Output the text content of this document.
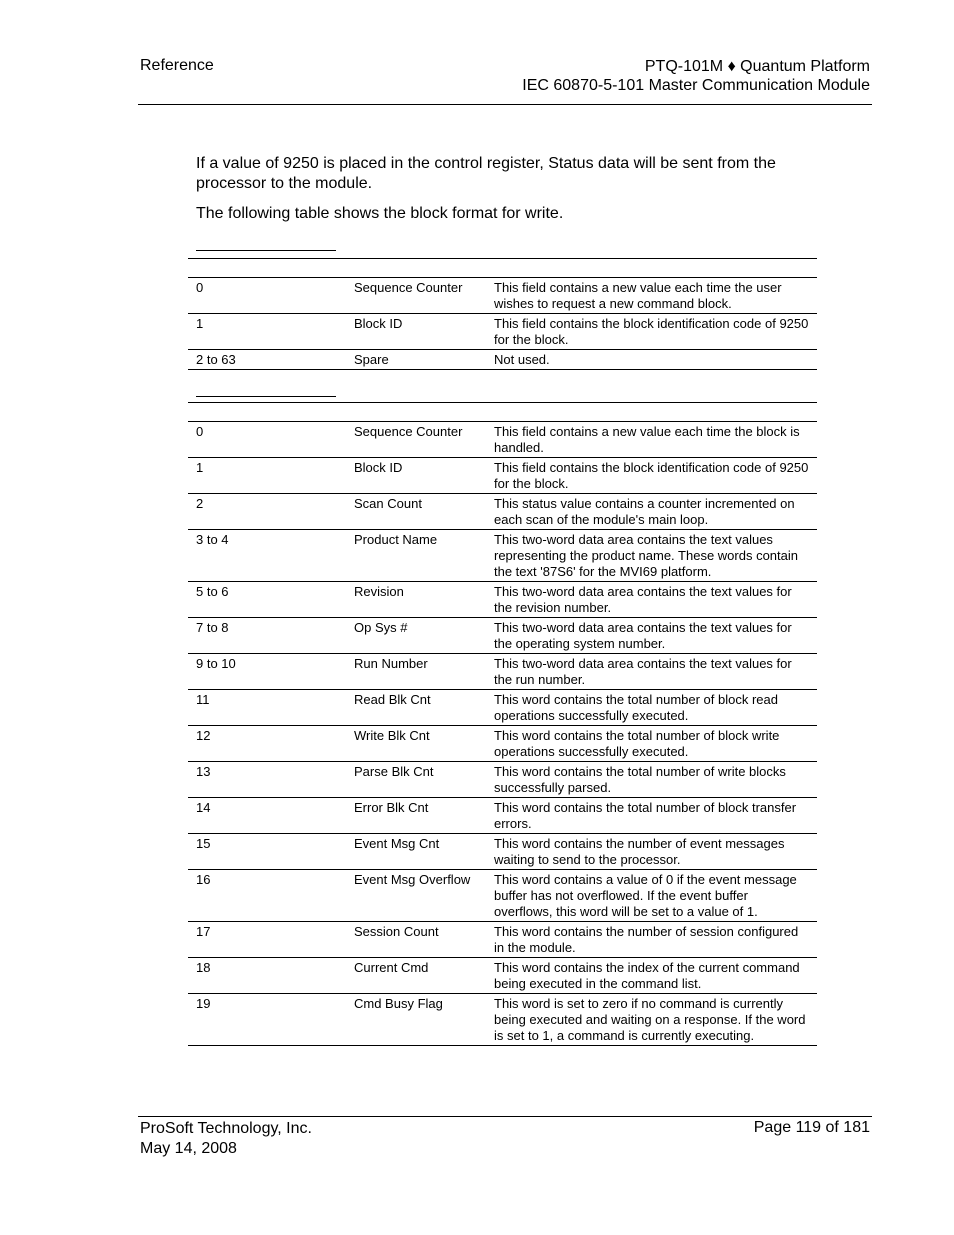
Reference	PTQ-101M ♦ Quantum Platform
IEC 60870-5-101 Master Communication Module
If a value of 9250 is placed in the control register, Status data will be sent from the processor to the module.
The following table shows the block format for write.

0	Sequence Counter	This field contains a new value each time the user wishes to request a new command block.
1	Block ID	This field contains the block identification code of 9250 for the block.
2 to 63	Spare	Not used.

0	Sequence Counter	This field contains a new value each time the block is handled.
1	Block ID	This field contains the block identification code of 9250 for the block.
2	Scan Count	This status value contains a counter incremented on each scan of the module's main loop.
3 to 4	Product Name	This two-word data area contains the text values representing the product name. These words contain the text '87S6' for the MVI69 platform.
5 to 6	Revision	This two-word data area contains the text values for the revision number.
7 to 8	Op Sys #	This two-word data area contains the text values for the operating system number.
9 to 10	Run Number	This two-word data area contains the text values for the run number.
11	Read Blk Cnt	This word contains the total number of block read operations successfully executed.
12	Write Blk Cnt	This word contains the total number of block write operations successfully executed.
13	Parse Blk Cnt	This word contains the total number of write blocks successfully parsed.
14	Error Blk Cnt	This word contains the total number of block transfer errors.
15	Event Msg Cnt	This word contains the number of event messages waiting to send to the processor.
16	Event Msg Overflow	This word contains a value of 0 if the event message buffer has not overflowed. If the event buffer overflows, this word will be set to a value of 1.
17	Session Count	This word contains the number of session configured in the module.
18	Current Cmd	This word contains the index of the current command being executed in the command list.
19	Cmd Busy Flag	This word is set to zero if no command is currently being executed and waiting on a response. If the word is set to 1, a command is currently executing.
ProSoft Technology, Inc.
May 14, 2008
Page 119 of 181
